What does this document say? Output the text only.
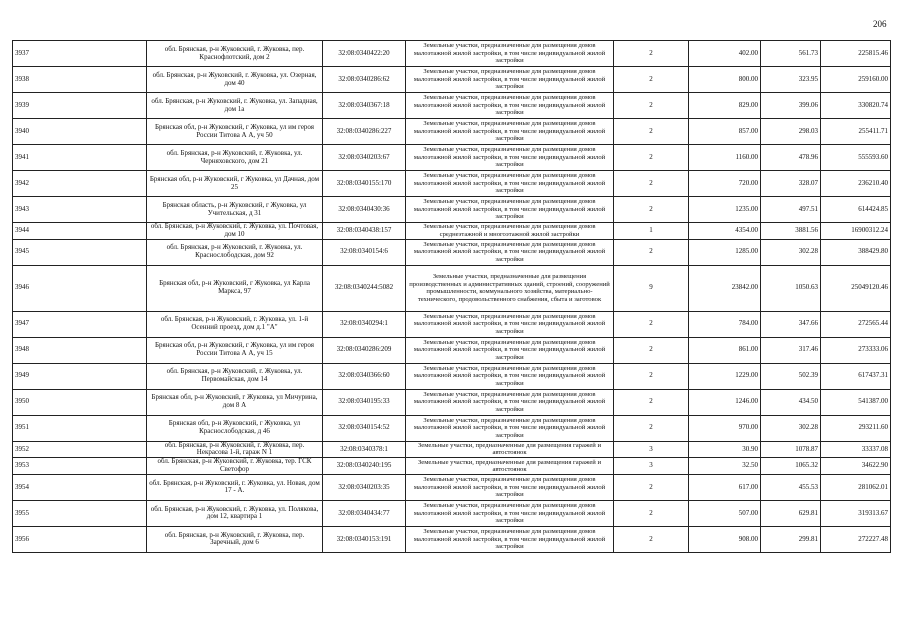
206
3937	обл. Брянская, р-н Жуковский, г. Жуковка, пер. Краснофлотский, дом 2	32:08:0340422:20	Земельные участки, предназначенные для размещения домов малоэтажной жилой застройки, в том числе индивидуальной жилой застройки	2	402.00	561.73	225815.46
3938	обл. Брянская, р-н Жуковский, г. Жуковка, ул. Озерная, дом 40	32:08:0340286:62	Земельные участки, предназначенные для размещения домов малоэтажной жилой застройки, в том числе индивидуальной жилой застройки	2	800.00	323.95	259160.00
3939	обл. Брянская, р-н Жуковский, г. Жуковка, ул. Западная, дом 1а	32:08:0340367:18	Земельные участки, предназначенные для размещения домов малоэтажной жилой застройки, в том числе индивидуальной жилой застройки	2	829.00	399.06	330820.74
3940	Брянская обл, р-н Жуковский, г Жуковка, ул им героя России Титова А А, уч 50	32:08:0340286:227	Земельные участки, предназначенные для размещения домов малоэтажной жилой застройки, в том числе индивидуальной жилой застройки	2	857.00	298.03	255411.71
3941	обл. Брянская, р-н Жуковский, г. Жуковка, ул. Черняховского, дом 21	32:08:0340203:67	Земельные участки, предназначенные для размещения домов малоэтажной жилой застройки, в том числе индивидуальной жилой застройки	2	1160.00	478.96	555593.60
3942	Брянская обл, р-н Жуковский, г Жуковка, ул Дачная, дом 25	32:08:0340155:170	Земельные участки, предназначенные для размещения домов малоэтажной жилой застройки, в том числе индивидуальной жилой застройки	2	720.00	328.07	236210.40
3943	Брянская область, р-н Жуковский, г Жуковка, ул Учительская, д 31	32:08:0340430:36	Земельные участки, предназначенные для размещения домов малоэтажной жилой застройки, в том числе индивидуальной жилой застройки	2	1235.00	497.51	614424.85
3944	обл. Брянская, р-н Жуковский, г. Жуковка, ул. Почтовая, дом 10	32:08:0340438:157	Земельные участки, предназначенные для размещения домов среднеэтажной и многоэтажной жилой застройки	1	4354.00	3881.56	16900312.24
3945	обл. Брянская, р-н Жуковский, г. Жуковка, ул. Краснослободская, дом 92	32:08:0340154:6	Земельные участки, предназначенные для размещения домов малоэтажной жилой застройки, в том числе индивидуальной жилой застройки	2	1285.00	302.28	388429.80
3946	Брянская обл, р-н Жуковский, г Жуковка, ул Карла Маркса, 97	32:08:0340244:5082	Земельные участки, предназначенные для размещения производственных и административных зданий, строений, сооружений промышленности, коммунального хозяйства, материально-технического, продовольственного снабжения, сбыта и заготовок	9	23842.00	1050.63	25049120.46
3947	обл. Брянская, р-н Жуковский, г. Жуковка, ул. 1-й Осенний проезд, дом д.1 "А"	32:08:0340294:1	Земельные участки, предназначенные для размещения домов малоэтажной жилой застройки, в том числе индивидуальной жилой застройки	2	784.00	347.66	272565.44
3948	Брянская обл, р-н Жуковский, г Жуковка, ул им героя России Титова А А, уч 15	32:08:0340286:209	Земельные участки, предназначенные для размещения домов малоэтажной жилой застройки, в том числе индивидуальной жилой застройки	2	861.00	317.46	273333.06
3949	обл. Брянская, р-н Жуковский, г. Жуковка, ул. Первомайская, дом 14	32:08:0340366:60	Земельные участки, предназначенные для размещения домов малоэтажной жилой застройки, в том числе индивидуальной жилой застройки	2	1229.00	502.39	617437.31
3950	Брянская обл, р-н Жуковский, г Жуковка, ул Мичурина, дом 8 А	32:08:0340195:33	Земельные участки, предназначенные для размещения домов малоэтажной жилой застройки, в том числе индивидуальной жилой застройки	2	1246.00	434.50	541387.00
3951	Брянская обл, р-н Жуковский, г Жуковка, ул Краснослободская, д 46	32:08:0340154:52	Земельные участки, предназначенные для размещения домов малоэтажной жилой застройки, в том числе индивидуальной жилой застройки	2	970.00	302.28	293211.60
3952	обл. Брянская, р-н Жуковский, г. Жуковка, пер. Некрасова 1-й, гараж N 1	32:08:0340378:1	Земельные участки, предназначенные для размещения гаражей и автостоянок	3	30.90	1078.87	33337.08
3953	обл. Брянская, р-н Жуковский, г. Жуковка, тер. ГСК Светофор	32:08:0340240:195	Земельные участки, предназначенные для размещения гаражей и автостоянок	3	32.50	1065.32	34622.90
3954	обл. Брянская, р-н Жуковский, г. Жуковка, ул. Новая, дом 17 - А.	32:08:0340203:35	Земельные участки, предназначенные для размещения домов малоэтажной жилой застройки, в том числе индивидуальной жилой застройки	2	617.00	455.53	281062.01
3955	обл. Брянская, р-н Жуковский, г. Жуковка, ул. Полякова, дом 12, квартира 1	32:08:0340434:77	Земельные участки, предназначенные для размещения домов малоэтажной жилой застройки, в том числе индивидуальной жилой застройки	2	507.00	629.81	319313.67
3956	обл. Брянская, р-н Жуковский, г. Жуковка, пер. Заречный, дом 6	32:08:0340153:191	Земельные участки, предназначенные для размещения домов малоэтажной жилой застройки, в том числе индивидуальной жилой застройки	2	908.00	299.81	272227.48
